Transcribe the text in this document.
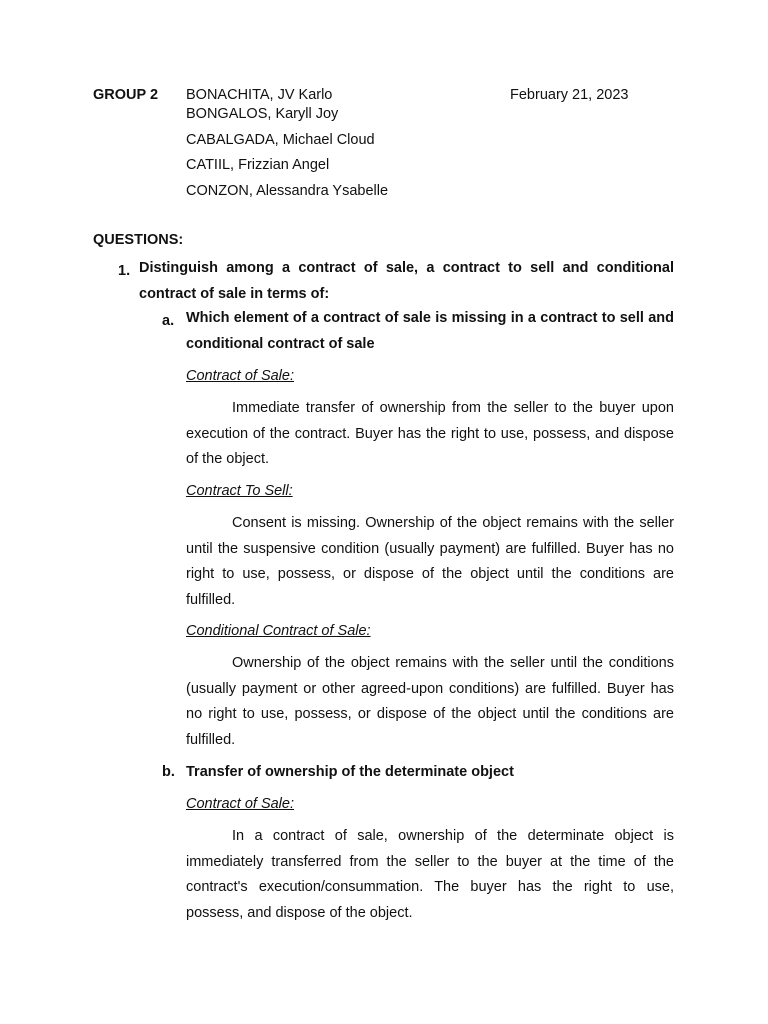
GROUP 2	February 21, 2023
BONACHITA, JV Karlo
BONGALOS, Karyll Joy
CABALGADA, Michael Cloud
CATIIL, Frizzian Angel
CONZON, Alessandra Ysabelle
QUESTIONS:
1. Distinguish among a contract of sale, a contract to sell and conditional contract of sale in terms of:
a. Which element of a contract of sale is missing in a contract to sell and conditional contract of sale
Contract of Sale:
Immediate transfer of ownership from the seller to the buyer upon execution of the contract. Buyer has the right to use, possess, and dispose of the object.
Contract To Sell:
Consent is missing. Ownership of the object remains with the seller until the suspensive condition (usually payment) are fulfilled. Buyer has no right to use, possess, or dispose of the object until the conditions are fulfilled.
Conditional Contract of Sale:
Ownership of the object remains with the seller until the conditions (usually payment or other agreed-upon conditions) are fulfilled. Buyer has no right to use, possess, or dispose of the object until the conditions are fulfilled.
b. Transfer of ownership of the determinate object
Contract of Sale:
In a contract of sale, ownership of the determinate object is immediately transferred from the seller to the buyer at the time of the contract's execution/consummation. The buyer has the right to use, possess, and dispose of the object.
